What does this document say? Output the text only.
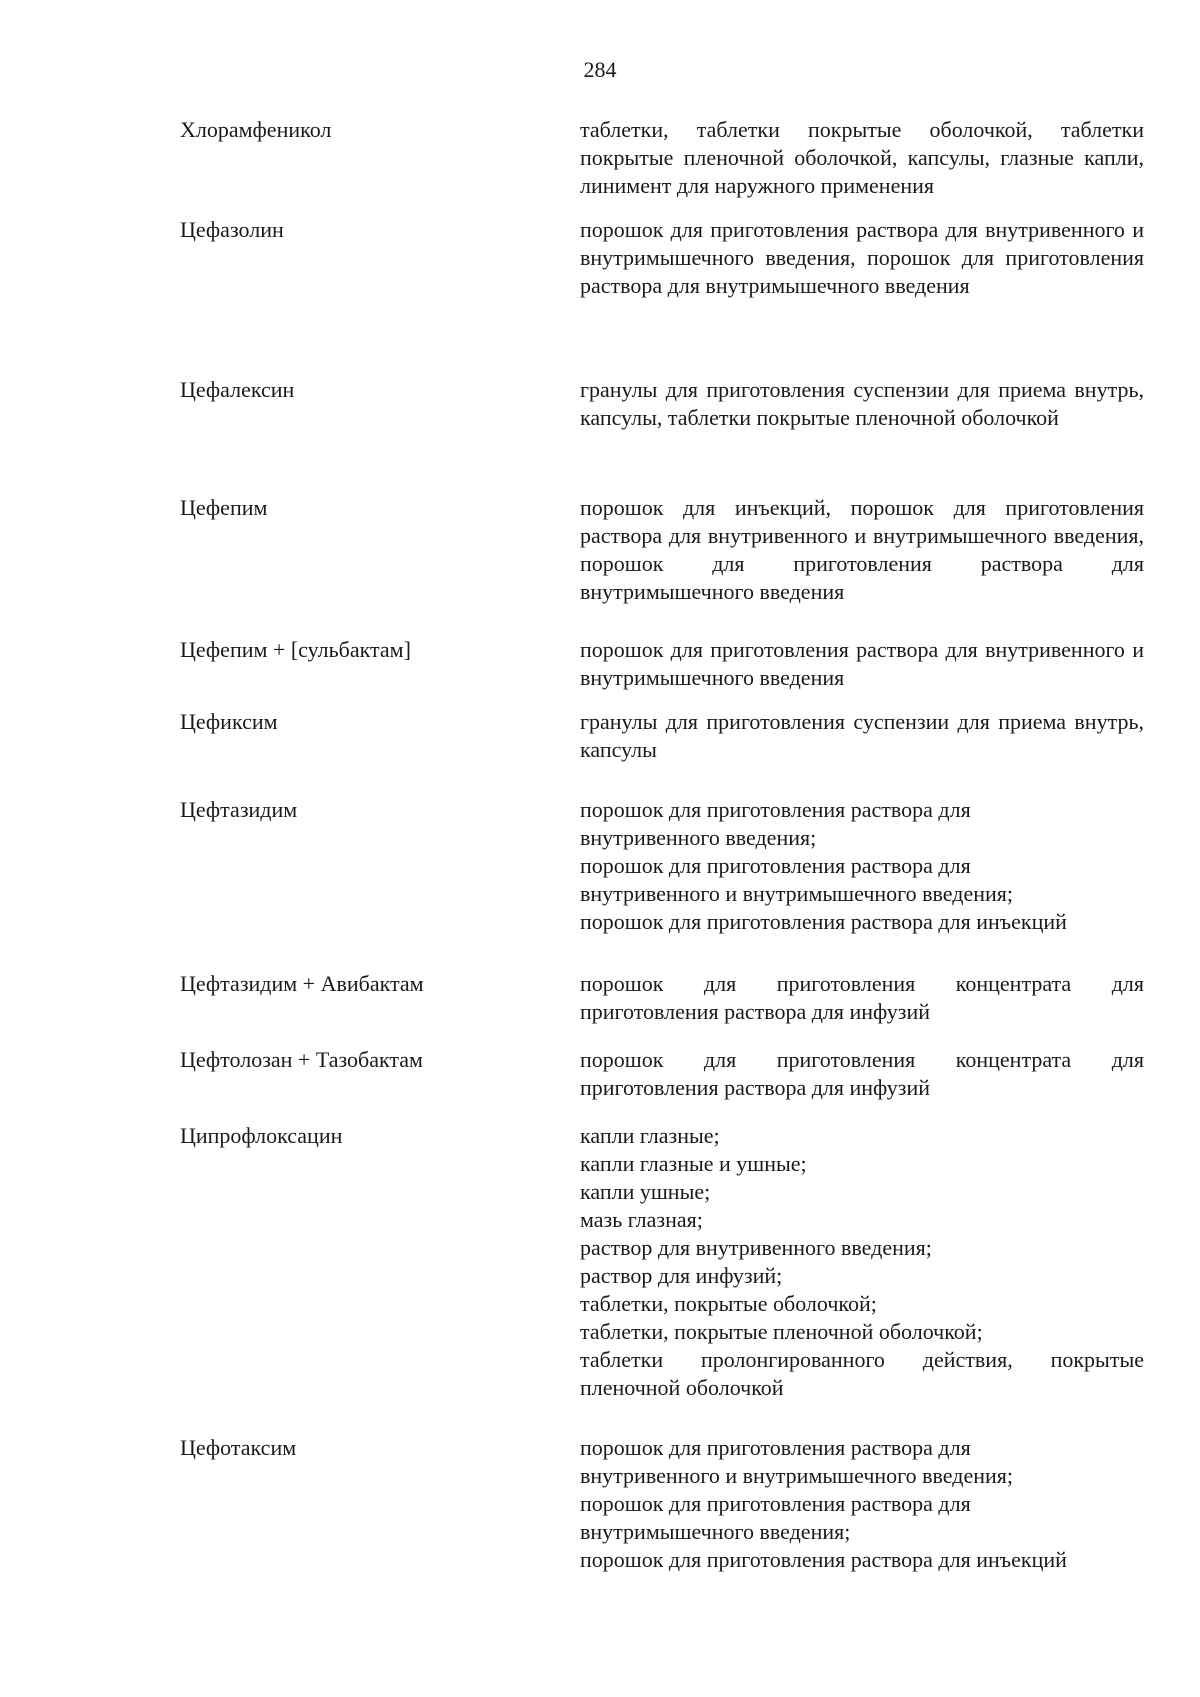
284
Хлорамфеникол	таблетки, таблетки покрытые оболочкой, таблетки покрытые пленочной оболочкой, капсулы, глазные капли, линимент для наружного применения
Цефазолин	порошок для приготовления раствора для внутривенного и внутримышечного введения, порошок для приготовления раствора для внутримышечного введения
Цефалексин	гранулы для приготовления суспензии для приема внутрь, капсулы, таблетки покрытые пленочной оболочкой
Цефепим	порошок для инъекций, порошок для приготовления раствора для внутривенного и внутримышечного введения, порошок для приготовления раствора для внутримышечного введения
Цефепим + [сульбактам]	порошок для приготовления раствора для внутривенного и внутримышечного введения
Цефиксим	гранулы для приготовления суспензии для приема внутрь, капсулы
Цефтазидим	порошок для приготовления раствора для
внутривенного введения;
порошок для приготовления раствора для
внутривенного и внутримышечного введения;
порошок для приготовления раствора для инъекций
Цефтазидим + Авибактам	порошок для приготовления концентрата для приготовления раствора для инфузий
Цефтолозан + Тазобактам	порошок для приготовления концентрата для приготовления раствора для инфузий
Ципрофлоксацин	капли глазные;
капли глазные и ушные;
капли ушные;
мазь глазная;
раствор для внутривенного введения;
раствор для инфузий;
таблетки, покрытые оболочкой;
таблетки, покрытые пленочной оболочкой;
таблетки пролонгированного действия, покрытые пленочной оболочкой
Цефотаксим	порошок для приготовления раствора для
внутривенного и внутримышечного введения;
порошок для приготовления раствора для
внутримышечного введения;
порошок для приготовления раствора для инъекций
